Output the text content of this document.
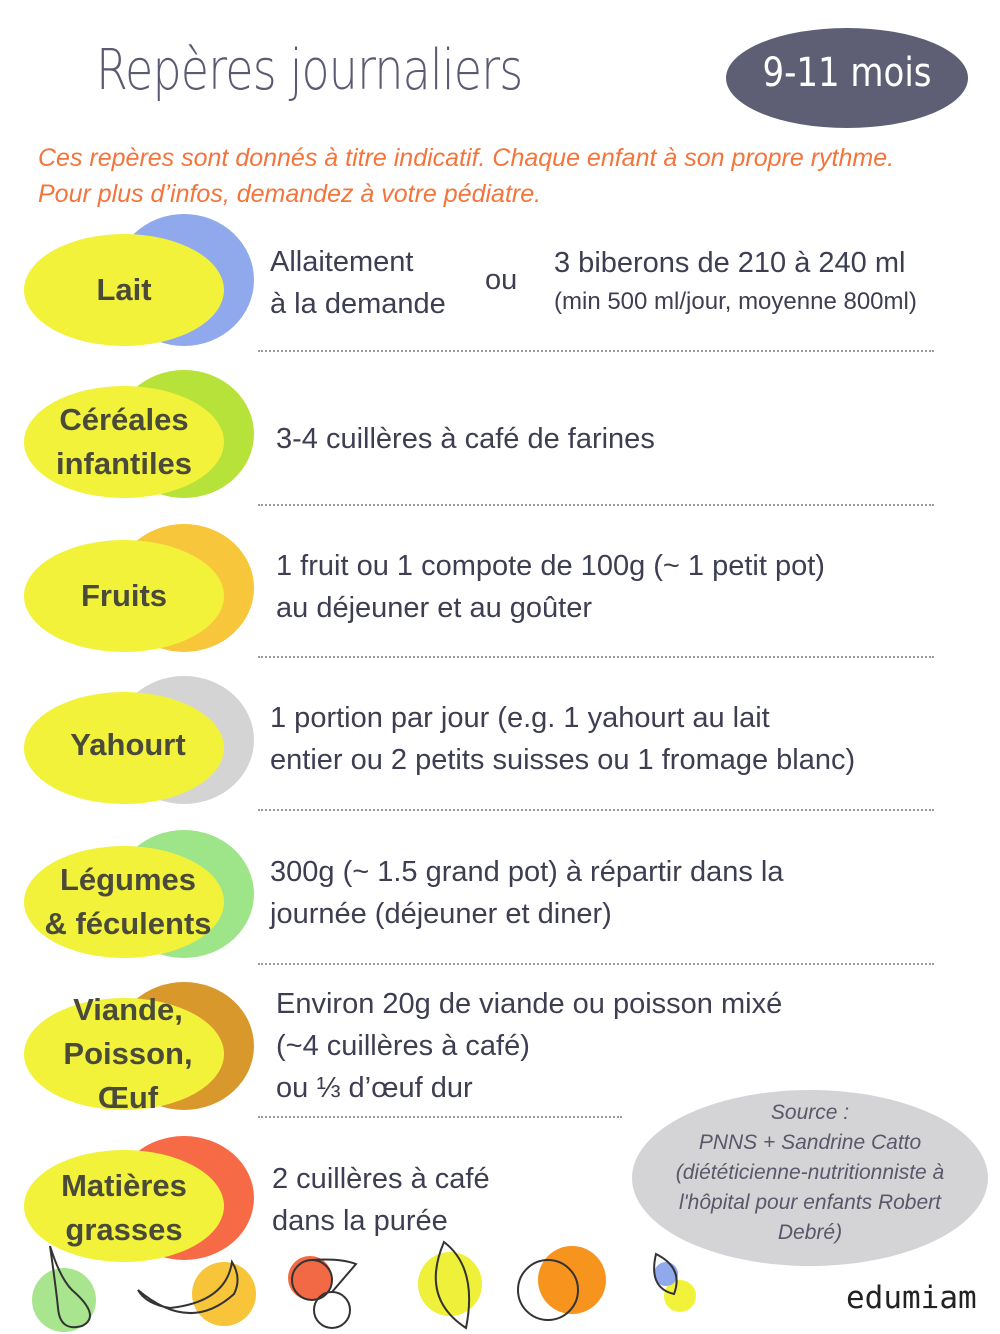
Repères journaliers	9-11 mois
Ces repères sont donnés à titre indicatif. Chaque enfant à son propre rythme.
Pour plus d’infos, demandez à votre pédiatre.
Lait
Allaitement
à la demande
ou
3 biberons de 210 à 240 ml
(min 500 ml/jour, moyenne 800ml)
Céréales
infantiles
3-4 cuillères à café de farines
Fruits
1 fruit ou 1 compote de 100g (~ 1 petit pot)
au déjeuner et au goûter
Yahourt
1 portion par jour (e.g. 1 yahourt au lait
entier ou 2 petits suisses ou 1 fromage blanc)
Légumes
& féculents
300g (~ 1.5 grand pot) à répartir dans la
journée (déjeuner et diner)
Viande,
Poisson,
Œuf
Environ 20g de viande ou poisson mixé
(~4 cuillères à café)
ou ⅓ d’œuf dur
Matières
grasses
2 cuillères à café
dans la purée
Source :
PNNS + Sandrine Catto
(diététicienne-nutritionniste à
l'hôpital pour enfants Robert
Debré)
edumiam
